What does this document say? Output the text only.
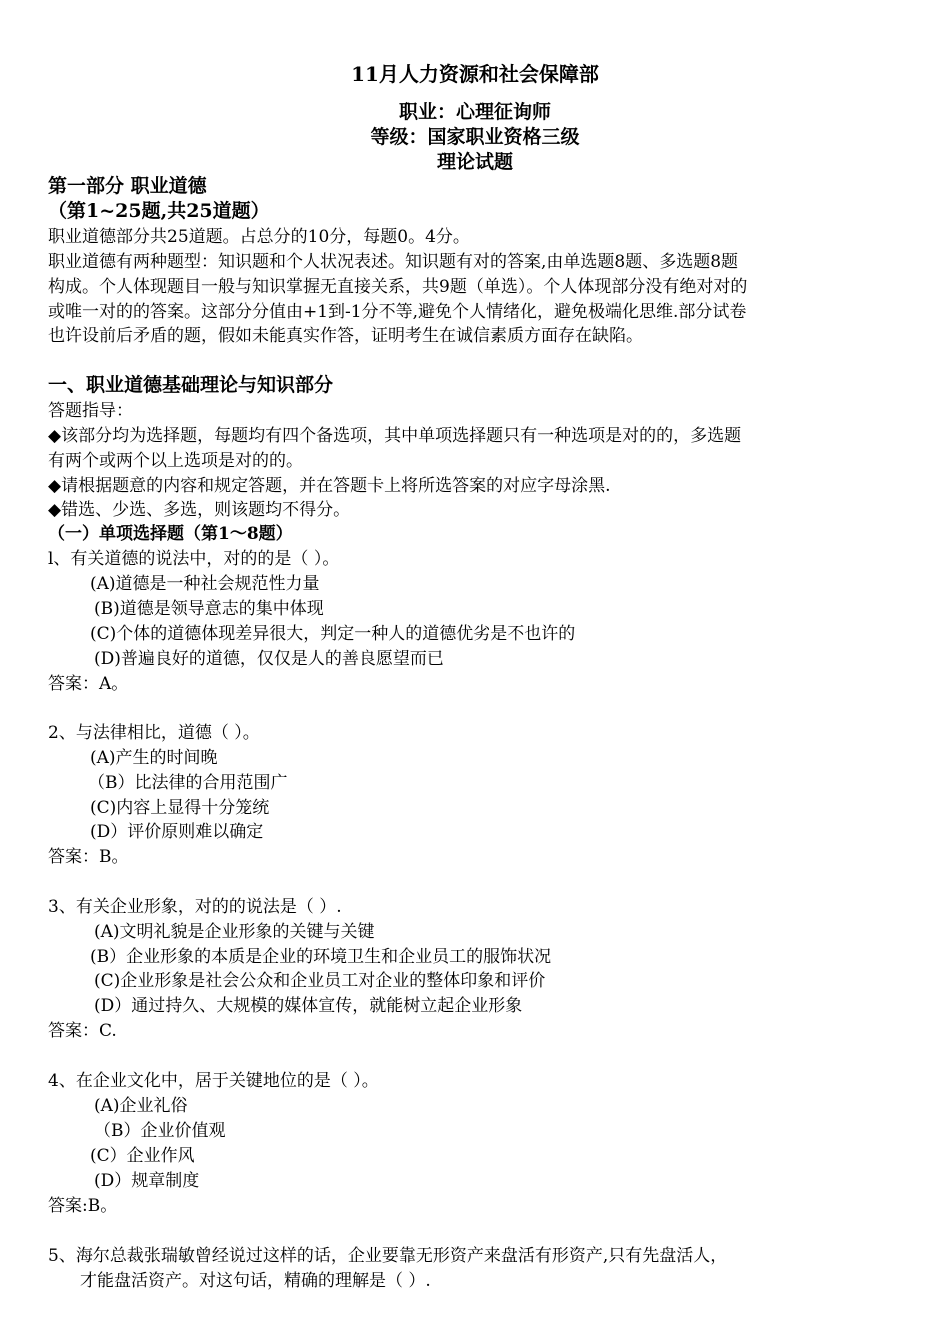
11月人力资源和社会保障部
职业：心理征询师
等级：国家职业资格三级
理论试题
第一部分 职业道德
（第1~25题,共25道题）
职业道德部分共25道题。占总分的10分，每题0。4分。
职业道德有两种题型：知识题和个人状况表述。知识题有对的答案,由单选题8题、多选题8题
构成。个人体现题目一般与知识掌握无直接关系，共9题（单选）。个人体现部分没有绝对对的
或唯一对的的答案。这部分分值由+1到-1分不等,避免个人情绪化，避免极端化思维.部分试卷
也许设前后矛盾的题，假如未能真实作答，证明考生在诚信素质方面存在缺陷。
一、职业道德基础理论与知识部分
答题指导：
◆该部分均为选择题，每题均有四个备选项，其中单项选择题只有一种选项是对的的，多选题
有两个或两个以上选项是对的的。
◆请根据题意的内容和规定答题，并在答题卡上将所选答案的对应字母涂黑.
◆错选、少选、多选，则该题均不得分。
（一）单项选择题（第1～8题）
l、有关道德的说法中，对的的是（ ）。
(A)道德是一种社会规范性力量
(B)道德是领导意志的集中体现
(C)个体的道德体现差异很大，判定一种人的道德优劣是不也许的
(D)普遍良好的道德，仅仅是人的善良愿望而已
答案：A。
2、与法律相比，道德（ ）。
(A)产生的时间晚
（B）比法律的合用范围广
(C)内容上显得十分笼统
(D）评价原则难以确定
答案：B。
3、有关企业形象，对的的说法是（ ）.
(A)文明礼貌是企业形象的关键与关键
(B）企业形象的本质是企业的环境卫生和企业员工的服饰状况
(C)企业形象是社会公众和企业员工对企业的整体印象和评价
(D）通过持久、大规模的媒体宣传，就能树立起企业形象
答案：C.
4、在企业文化中，居于关键地位的是（ ）。
(A)企业礼俗
（B）企业价值观
(C）企业作风
(D）规章制度
答案:B。
5、海尔总裁张瑞敏曾经说过这样的话，企业要靠无形资产来盘活有形资产,只有先盘活人，
才能盘活资产。对这句话，精确的理解是（ ）.
